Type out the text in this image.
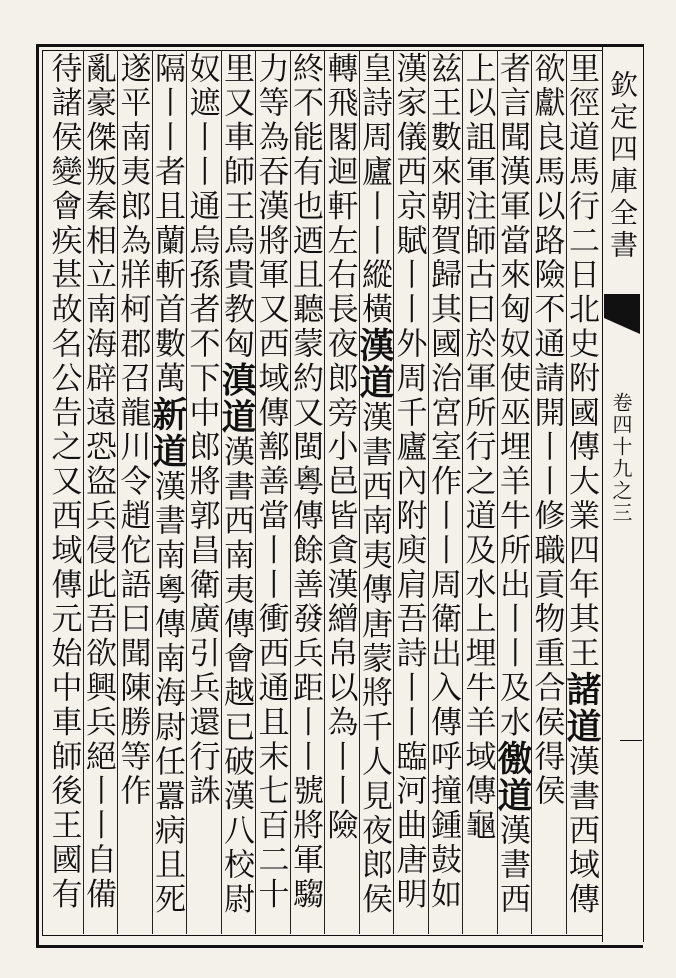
欽定四庫全書
卷四十九之三
里徑道馬行二日北史附國傳大業四年其王諸道漢書西域傳
欲獻良馬以路險不通請開丨丨修職貢物重合侯得侯
者言聞漢軍當來匈奴使巫埋羊牛所出丨丨及水徼道漢書西
上以詛軍注師古曰於軍所行之道及水上埋牛羊域傳龜
兹王數來朝賀歸其國治宮室作丨丨周衛出入傳呼撞鍾鼓如
漢家儀西京賦丨丨外周千廬內附庾肩吾詩丨丨臨河曲唐明
皇詩周廬丨丨縱橫漢道漢書西南夷傳唐蒙將千人見夜郎侯
轉飛閣迴軒左右長夜郎旁小邑皆貪漢繒帛以為丨丨險
終不能有也迺且聽蒙約又閩粵傳餘善發兵距丨丨號將軍騶
力等為吞漢將軍又西域傳鄯善當丨丨衝西通且末七百二十
里又車師王烏貴教匈滇道漢書西南夷傳會越已破漢八校尉
奴遮丨丨通烏孫者不下中郎將郭昌衛廣引兵還行誅
隔丨丨者且蘭斬首數萬新道漢書南粵傳南海尉任囂病且死
遂平南夷郎為牂柯郡召龍川令趙佗語曰聞陳勝等作
亂豪傑叛秦相立南海辟遠恐盜兵侵此吾欲興兵絕丨丨自備
待諸侯變會疾甚故名公告之又西域傳元始中車師後王國有
